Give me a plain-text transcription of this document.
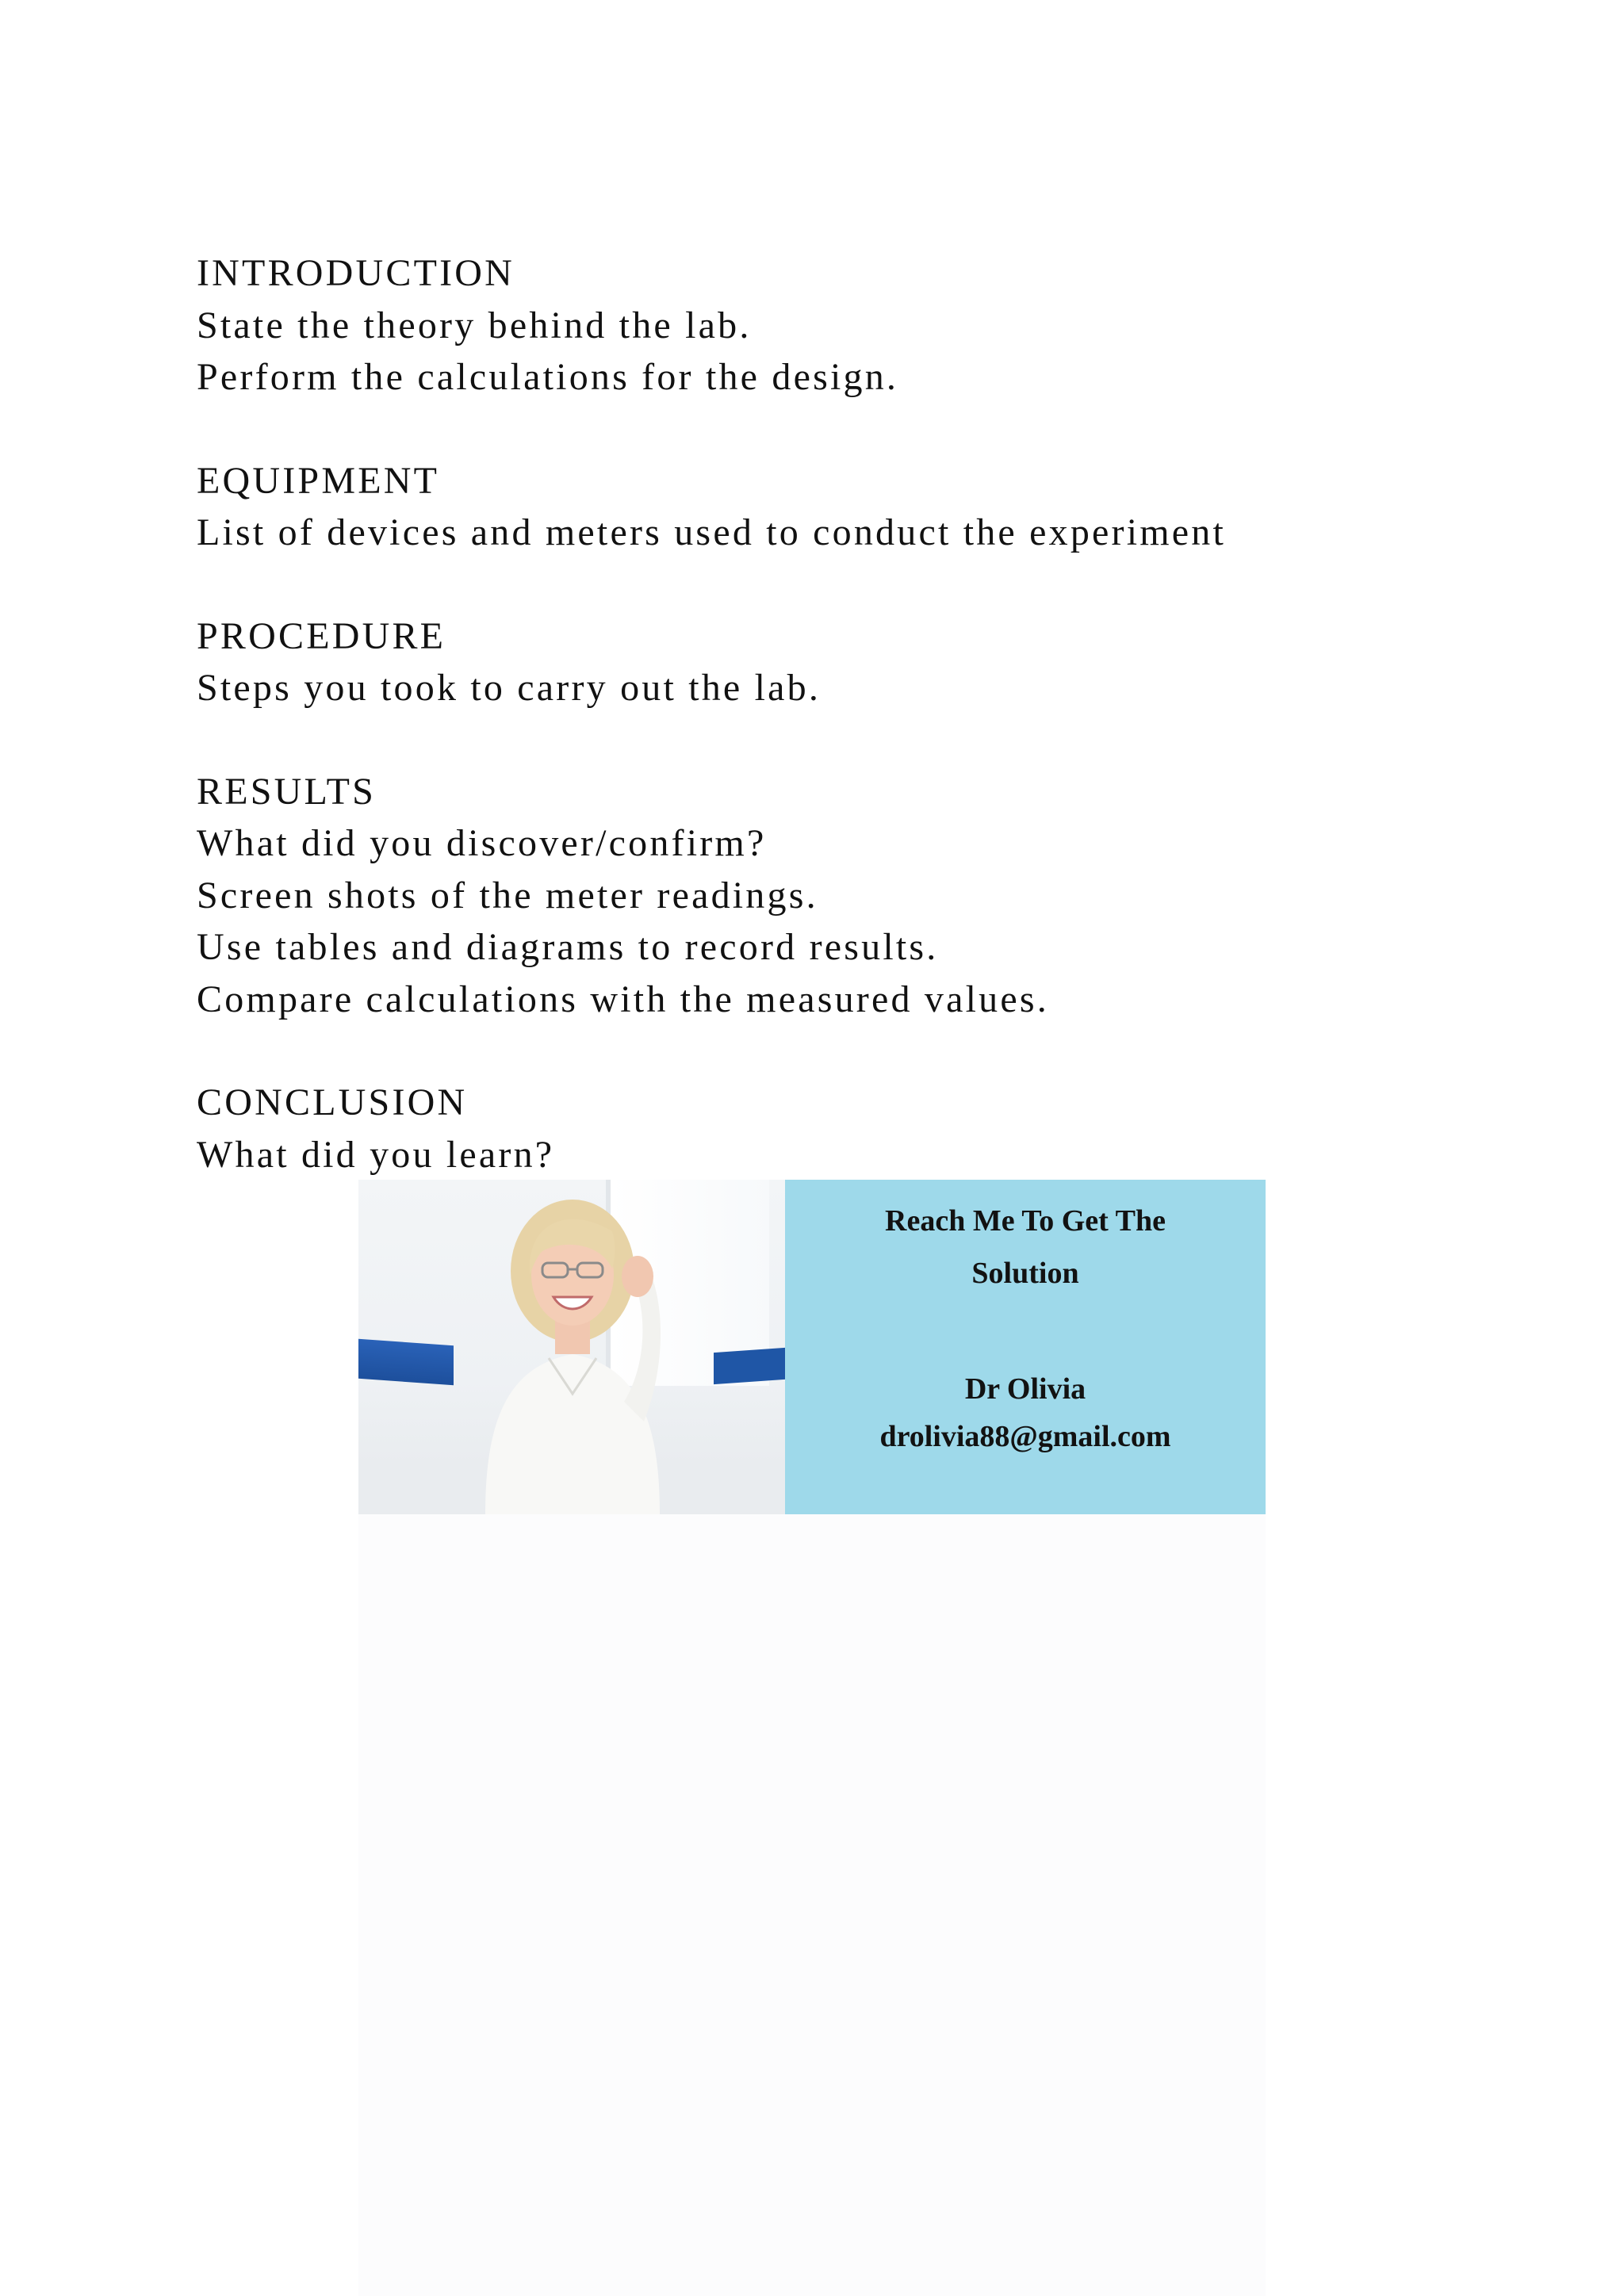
INTRODUCTION

State the theory behind the lab.

Perform the calculations for the design.

EQUIPMENT

List of devices and meters used to conduct the experiment

PROCEDURE

Steps you took to carry out the lab.

RESULTS

What did you discover/confirm?

Screen shots of the meter readings.

Use tables and diagrams to record results.

Compare calculations with the measured values.

CONCLUSION

What did you learn?

Reach Me To Get The
Solution
Dr Olivia
drolivia88@gmail.com
